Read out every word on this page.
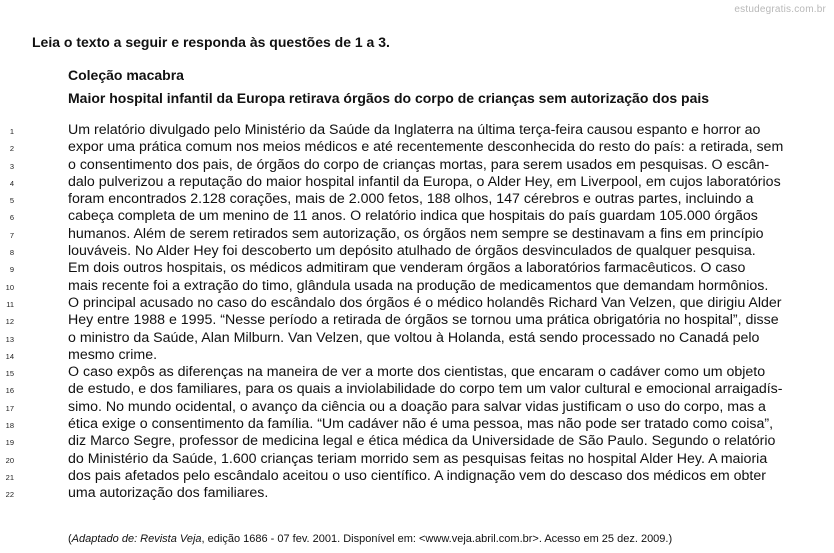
estudegratis.com.br
Leia o texto a seguir e responda às questões de 1 a 3.
Coleção macabra
Maior hospital infantil da Europa retirava órgãos do corpo de crianças sem autorização dos pais
1	Um relatório divulgado pelo Ministério da Saúde da Inglaterra na última terça-feira causou espanto e horror ao
2	expor uma prática comum nos meios médicos e até recentemente desconhecida do resto do país: a retirada, sem
3	o consentimento dos pais, de órgãos do corpo de crianças mortas, para serem usados em pesquisas. O escân-
4	dalo pulverizou a reputação do maior hospital infantil da Europa, o Alder Hey, em Liverpool, em cujos laboratórios
5	foram encontrados 2.128 corações, mais de 2.000 fetos, 188 olhos, 147 cérebros e outras partes, incluindo a
6	cabeça completa de um menino de 11 anos. O relatório indica que hospitais do país guardam 105.000 órgãos
7	humanos. Além de serem retirados sem autorização, os órgãos nem sempre se destinavam a fins em princípio
8	louváveis. No Alder Hey foi descoberto um depósito atulhado de órgãos desvinculados de qualquer pesquisa.
9	Em dois outros hospitais, os médicos admitiram que venderam órgãos a laboratórios farmacêuticos. O caso
10	mais recente foi a extração do timo, glândula usada na produção de medicamentos que demandam hormônios.
11	O principal acusado no caso do escândalo dos órgãos é o médico holandês Richard Van Velzen, que dirigiu Alder
12	Hey entre 1988 e 1995. “Nesse período a retirada de órgãos se tornou uma prática obrigatória no hospital”, disse
13	o ministro da Saúde, Alan Milburn. Van Velzen, que voltou à Holanda, está sendo processado no Canadá pelo
14	mesmo crime.
15	O caso expôs as diferenças na maneira de ver a morte dos cientistas, que encaram o cadáver como um objeto
16	de estudo, e dos familiares, para os quais a inviolabilidade do corpo tem um valor cultural e emocional arraigadís-
17	simo. No mundo ocidental, o avanço da ciência ou a doação para salvar vidas justificam o uso do corpo, mas a
18	ética exige o consentimento da família. “Um cadáver não é uma pessoa, mas não pode ser tratado como coisa”,
19	diz Marco Segre, professor de medicina legal e ética médica da Universidade de São Paulo. Segundo o relatório
20	do Ministério da Saúde, 1.600 crianças teriam morrido sem as pesquisas feitas no hospital Alder Hey. A maioria
21	dos pais afetados pelo escândalo aceitou o uso científico. A indignação vem do descaso dos médicos em obter
22	uma autorização dos familiares.
(Adaptado de: Revista Veja, edição 1686 - 07 fev. 2001. Disponível em: <www.veja.abril.com.br>. Acesso em 25 dez. 2009.)
